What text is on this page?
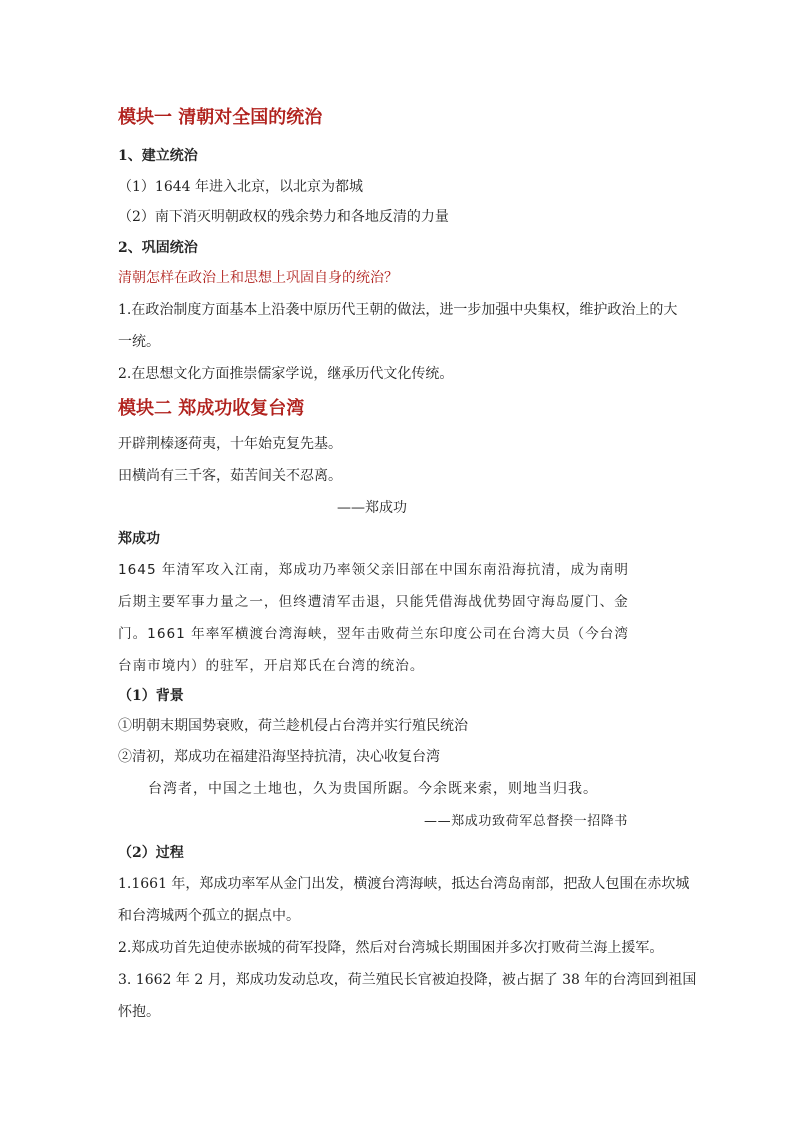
模块一 清朝对全国的统治
1、建立统治
（1）1644 年进入北京，以北京为都城
（2）南下消灭明朝政权的残余势力和各地反清的力量
2、巩固统治
清朝怎样在政治上和思想上巩固自身的统治？
1.在政治制度方面基本上沿袭中原历代王朝的做法，进一步加强中央集权，维护政治上的大
一统。
2.在思想文化方面推崇儒家学说，继承历代文化传统。
模块二 郑成功收复台湾
开辟荆榛逐荷夷，十年始克复先基。
田横尚有三千客，茹苦间关不忍离。
——郑成功
郑成功
1645 年清军攻入江南，郑成功乃率领父亲旧部在中国东南沿海抗清，成为南明
后期主要军事力量之一，但终遭清军击退，只能凭借海战优势固守海岛厦门、金
门。1661 年率军横渡台湾海峡，翌年击败荷兰东印度公司在台湾大员（今台湾
台南市境内）的驻军，开启郑氏在台湾的统治。
（1）背景
①明朝末期国势衰败，荷兰趁机侵占台湾并实行殖民统治
②清初，郑成功在福建沿海坚持抗清，决心收复台湾
台湾者，中国之土地也，久为贵国所踞。今余既来索，则地当归我。
——郑成功致荷军总督揆一招降书
（2）过程
1.1661 年，郑成功率军从金门出发，横渡台湾海峡，抵达台湾岛南部，把敌人包围在赤坎城
和台湾城两个孤立的据点中。
2.郑成功首先迫使赤嵌城的荷军投降，然后对台湾城长期围困并多次打败荷兰海上援军。
3. 1662 年 2 月，郑成功发动总攻，荷兰殖民长官被迫投降，被占据了 38 年的台湾回到祖国
怀抱。
